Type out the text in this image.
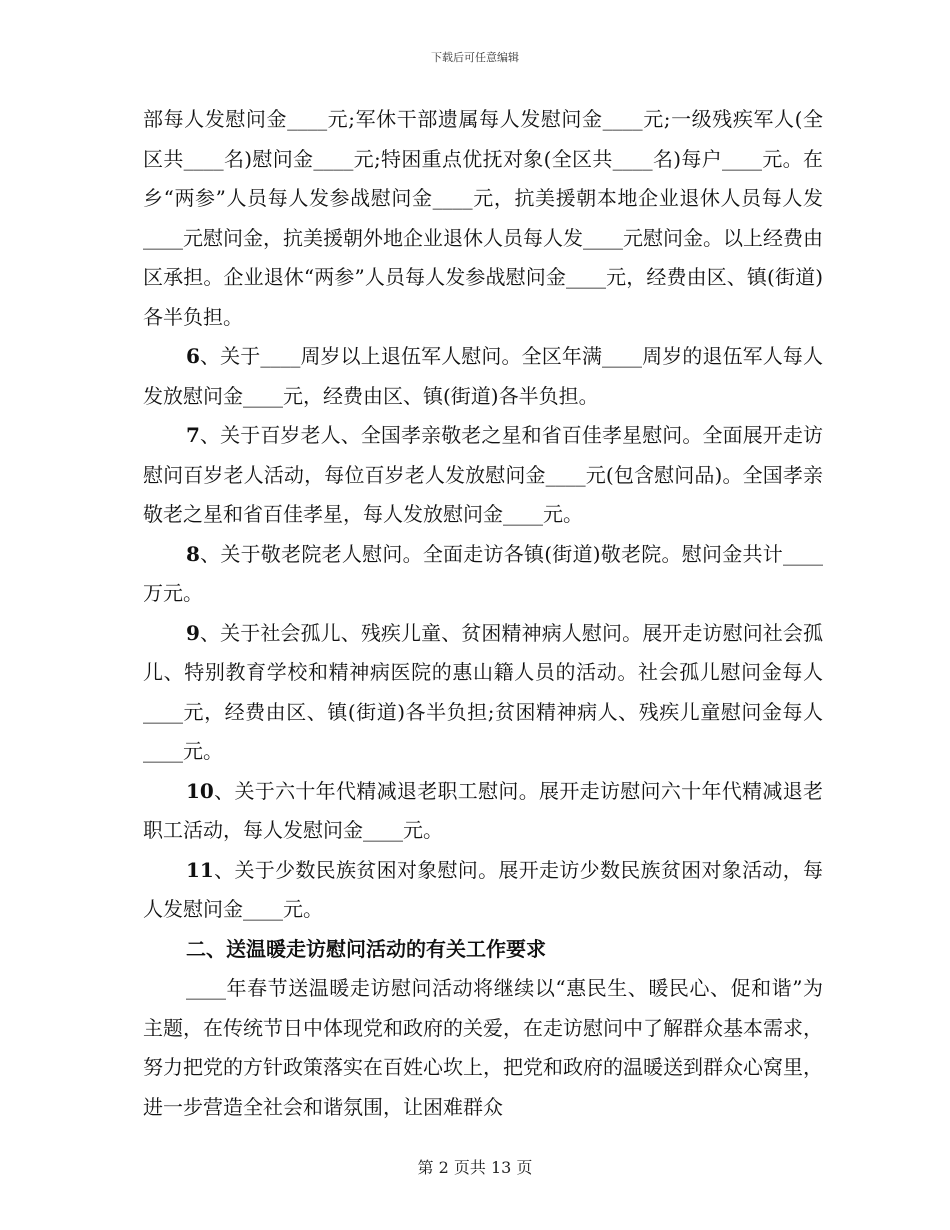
下载后可任意编辑

部每人发慰问金____元;军休干部遗属每人发慰问金____元;一级残疾军人(全区共____名)慰问金____元;特困重点优抚对象(全区共____名)每户____元。在乡“两参”人员每人发参战慰问金____元，抗美援朝本地企业退休人员每人发____元慰问金，抗美援朝外地企业退休人员每人发____元慰问金。以上经费由区承担。企业退休“两参”人员每人发参战慰问金____元，经费由区、镇(街道)各半负担。

6、关于____周岁以上退伍军人慰问。全区年满____周岁的退伍军人每人发放慰问金____元，经费由区、镇(街道)各半负担。

7、关于百岁老人、全国孝亲敬老之星和省百佳孝星慰问。全面展开走访慰问百岁老人活动，每位百岁老人发放慰问金____元(包含慰问品)。全国孝亲敬老之星和省百佳孝星，每人发放慰问金____元。

8、关于敬老院老人慰问。全面走访各镇(街道)敬老院。慰问金共计____万元。

9、关于社会孤儿、残疾儿童、贫困精神病人慰问。展开走访慰问社会孤儿、特别教育学校和精神病医院的惠山籍人员的活动。社会孤儿慰问金每人____元，经费由区、镇(街道)各半负担;贫困精神病人、残疾儿童慰问金每人____元。

10、关于六十年代精减退老职工慰问。展开走访慰问六十年代精减退老职工活动，每人发慰问金____元。

11、关于少数民族贫困对象慰问。展开走访少数民族贫困对象活动，每人发慰问金____元。

二、送温暖走访慰问活动的有关工作要求

____年春节送温暖走访慰问活动将继续以“惠民生、暖民心、促和谐”为主题，在传统节日中体现党和政府的关爱，在走访慰问中了解群众基本需求，努力把党的方针政策落实在百姓心坎上，把党和政府的温暖送到群众心窝里，进一步营造全社会和谐氛围，让困难群众

第 2 页共 13 页
